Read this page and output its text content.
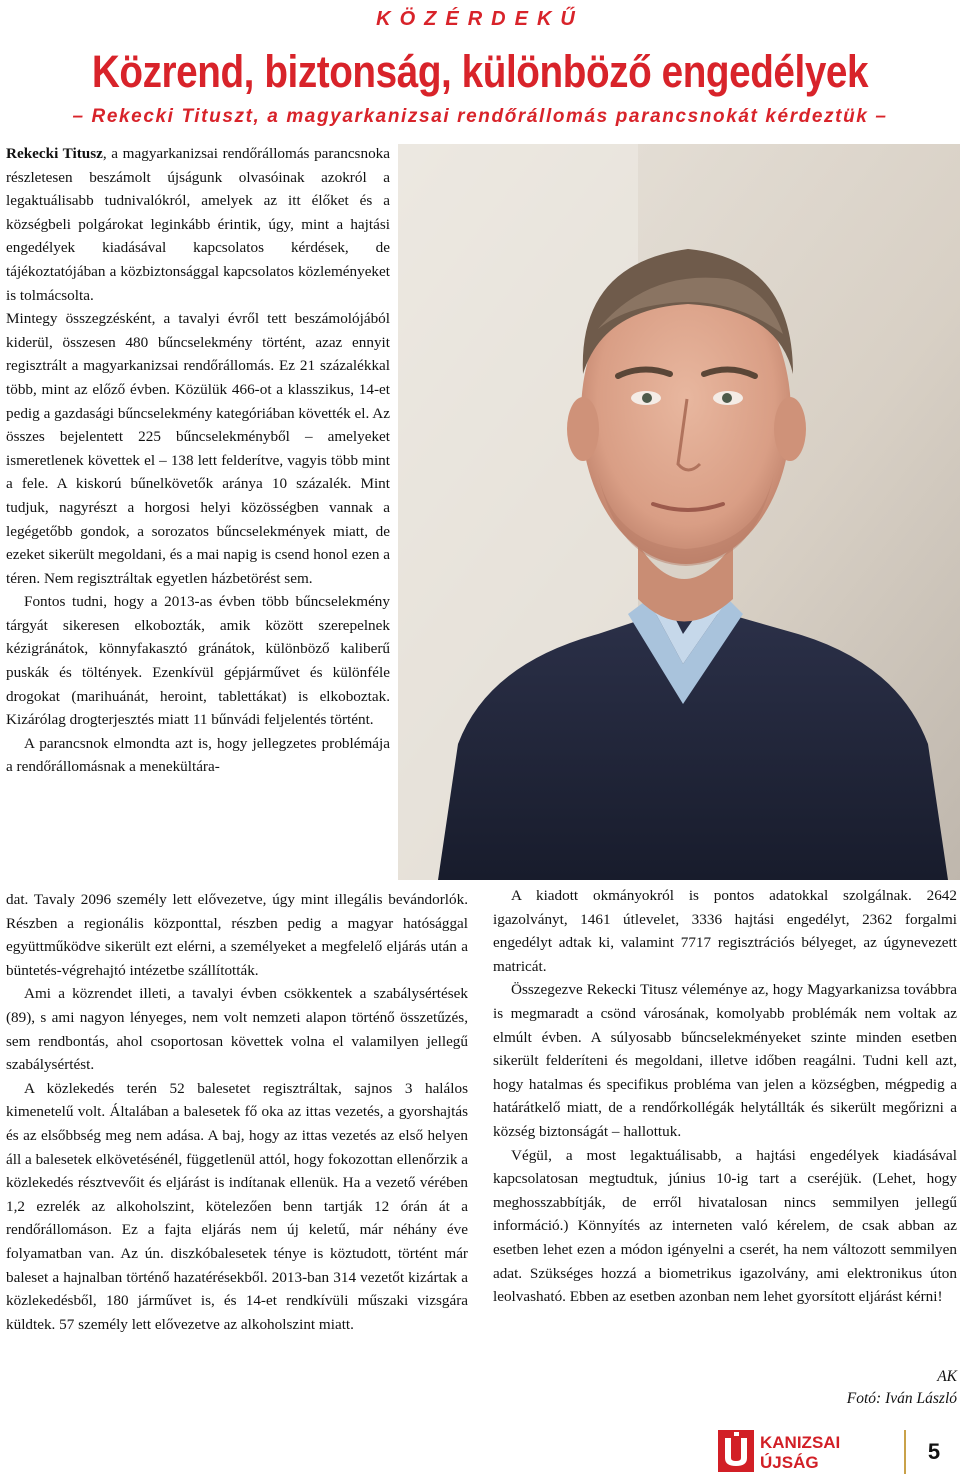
KÖZÉRDEKŰ
Közrend, biztonság, különböző engedélyek
– Rekecki Tituszt, a magyarkanizsai rendőrállomás parancsnokát kérdeztük –

Rekecki Titusz, a magyarkanizsai rendőrállomás parancsnoka részletesen beszámolt újságunk olvasóinak azokról a legaktuálisabb tudnivalókról, amelyek az itt élőket és a községbeli polgárokat leginkább érintik, úgy, mint a hajtási engedélyek kiadásával kapcsolatos kérdések, de tájékoztatójában a közbiztonsággal kapcsolatos közleményeket is tolmácsolta.

Mintegy összegzésként, a tavalyi évről tett beszámolójából kiderül, összesen 480 bűncselekmény történt, azaz ennyit regisztrált a magyarkanizsai rendőrállomás. Ez 21 százalékkal több, mint az előző évben. Közülük 466-ot a klasszikus, 14-et pedig a gazdasági bűncselekmény kategóriában követték el. Az összes bejelentett 225 bűncselekményből – amelyeket ismeretlenek követtek el – 138 lett felderítve, vagyis több mint a fele. A kiskorú bűnelkövetők aránya 10 százalék. Mint tudjuk, nagyrészt a horgosi helyi közösségben vannak a legégetőbb gondok, a sorozatos bűncselekmények miatt, de ezeket sikerült megoldani, és a mai napig is csend honol ezen a téren. Nem regisztráltak egyetlen házbetörést sem.

Fontos tudni, hogy a 2013-as évben több bűncselekmény tárgyát sikeresen elkobozták, amik között szerepelnek kézigránátok, könnyfakasztó gránátok, különböző kaliberű puskák és töltények. Ezenkívül gépjárművet és különféle drogokat (marihuánát, heroint, tablettákat) is elkoboztak. Kizárólag drogterjesztés miatt 11 bűnvádi feljelentés történt.

A parancsnok elmondta azt is, hogy jellegzetes problémája a rendőrállomásnak a menekültára-

dat. Tavaly 2096 személy lett elővezetve, úgy mint illegális bevándorlók. Részben a regionális központtal, részben pedig a magyar hatósággal együttműködve sikerült ezt elérni, a személyeket a megfelelő eljárás után a büntetés-végrehajtó intézetbe szállították.

Ami a közrendet illeti, a tavalyi évben csökkentek a szabálysértések (89), s ami nagyon lényeges, nem volt nemzeti alapon történő összetűzés, sem rendbontás, ahol csoportosan követtek volna el valamilyen jellegű szabálysértést.

A közlekedés terén 52 balesetet regisztráltak, sajnos 3 halálos kimenetelű volt. Általában a balesetek fő oka az ittas vezetés, a gyorshajtás és az elsőbbség meg nem adása. A baj, hogy az ittas vezetés az első helyen áll a balesetek elkövetésénél, függetlenül attól, hogy fokozottan ellenőrzik a közlekedés résztvevőit és eljárást is indítanak ellenük. Ha a vezető vérében 1,2 ezrelék az alkoholszint, kötelezően benn tartják 12 órán át a rendőrállomáson. Ez a fajta eljárás nem új keletű, már néhány éve folyamatban van. Az ún. diszkóbalesetek ténye is köztudott, történt már baleset a hajnalban történő hazatérésekből. 2013-ban 314 vezetőt kizártak a közlekedésből, 180 járművet is, és 14-et rendkívüli műszaki vizsgára küldtek. 57 személy lett elővezetve az alkoholszint miatt.

A kiadott okmányokról is pontos adatokkal szolgálnak. 2642 igazolványt, 1461 útlevelet, 3336 hajtási engedélyt, 2362 forgalmi engedélyt adtak ki, valamint 7717 regisztrációs bélyeget, az úgynevezett matricát.

Összegezve Rekecki Titusz véleménye az, hogy Magyarkanizsa továbbra is megmaradt a csönd városának, komolyabb problémák nem voltak az elmúlt évben. A súlyosabb bűncselekményeket szinte minden esetben sikerült felderíteni és megoldani, illetve időben reagálni. Tudni kell azt, hogy hatalmas és specifikus probléma van jelen a községben, mégpedig a határátkelő miatt, de a rendőrkollégák helytállták és sikerült megőrizni a község biztonságát – hallottuk.

Végül, a most legaktuálisabb, a hajtási engedélyek kiadásával kapcsolatosan megtudtuk, június 10-ig tart a cseréjük. (Lehet, hogy meghosszabbítják, de erről hivatalosan nincs semmilyen jellegű információ.) Könnyítés az interneten való kérelem, de csak abban az esetben lehet ezen a módon igényelni a cserét, ha nem változott semmilyen adat. Szükséges hozzá a biometrikus igazolvány, ami elektronikus úton leolvasható. Ebben az esetben azonban nem lehet gyorsított eljárást kérni!

AK
Fotó: Iván László
KANIZSAI
ÚJSÁG	5
